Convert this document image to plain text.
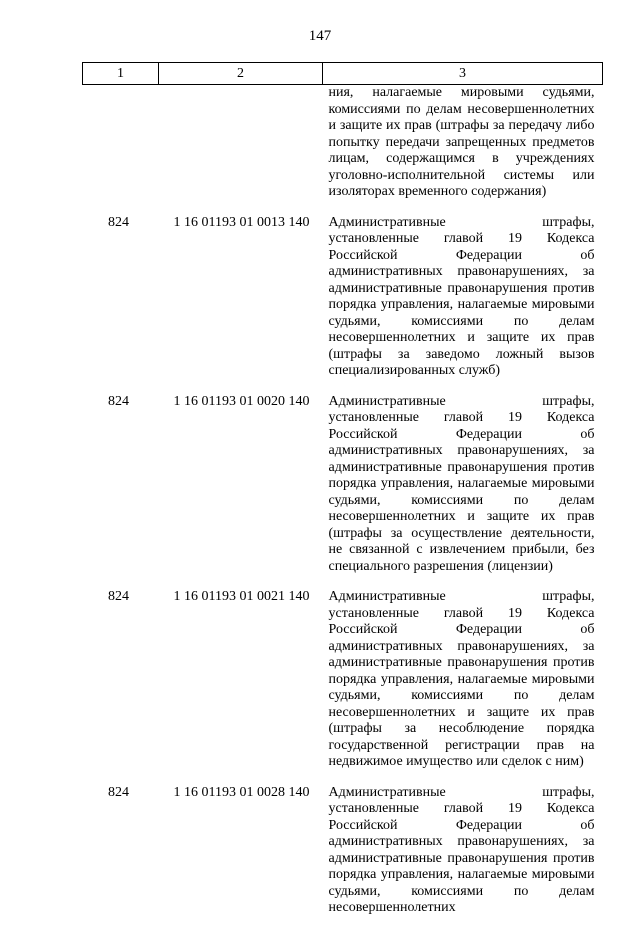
147
1	2	3
		ния, налагаемые мировыми судьями, комиссиями по делам несовершеннолетних и защите их прав (штрафы за передачу либо попытку передачи запрещенных предметов лицам, содержащимся в учреждениях уголовно-исполнительной системы или изоляторах временного содержания)
824	1 16 01193 01 0013 140	Административные штрафы, установленные главой 19 Кодекса Российской Федерации об административных правонарушениях, за административные правонарушения против порядка управления, налагаемые мировыми судьями, комиссиями по делам несовершеннолетних и защите их прав (штрафы за заведомо ложный вызов специализированных служб)
824	1 16 01193 01 0020 140	Административные штрафы, установленные главой 19 Кодекса Российской Федерации об административных правонарушениях, за административные правонарушения против порядка управления, налагаемые мировыми судьями, комиссиями по делам несовершеннолетних и защите их прав (штрафы за осуществление деятельности, не связанной с извлечением прибыли, без специального разрешения (лицензии)
824	1 16 01193 01 0021 140	Административные штрафы, установленные главой 19 Кодекса Российской Федерации об административных правонарушениях, за административные правонарушения против порядка управления, налагаемые мировыми судьями, комиссиями по делам несовершеннолетних и защите их прав (штрафы за несоблюдение порядка государственной регистрации прав на недвижимое имущество или сделок с ним)
824	1 16 01193 01 0028 140	Административные штрафы, установленные главой 19 Кодекса Российской Федерации об административных правонарушениях, за административные правонарушения против порядка управления, налагаемые мировыми судьями, комиссиями по делам несовершеннолетних
